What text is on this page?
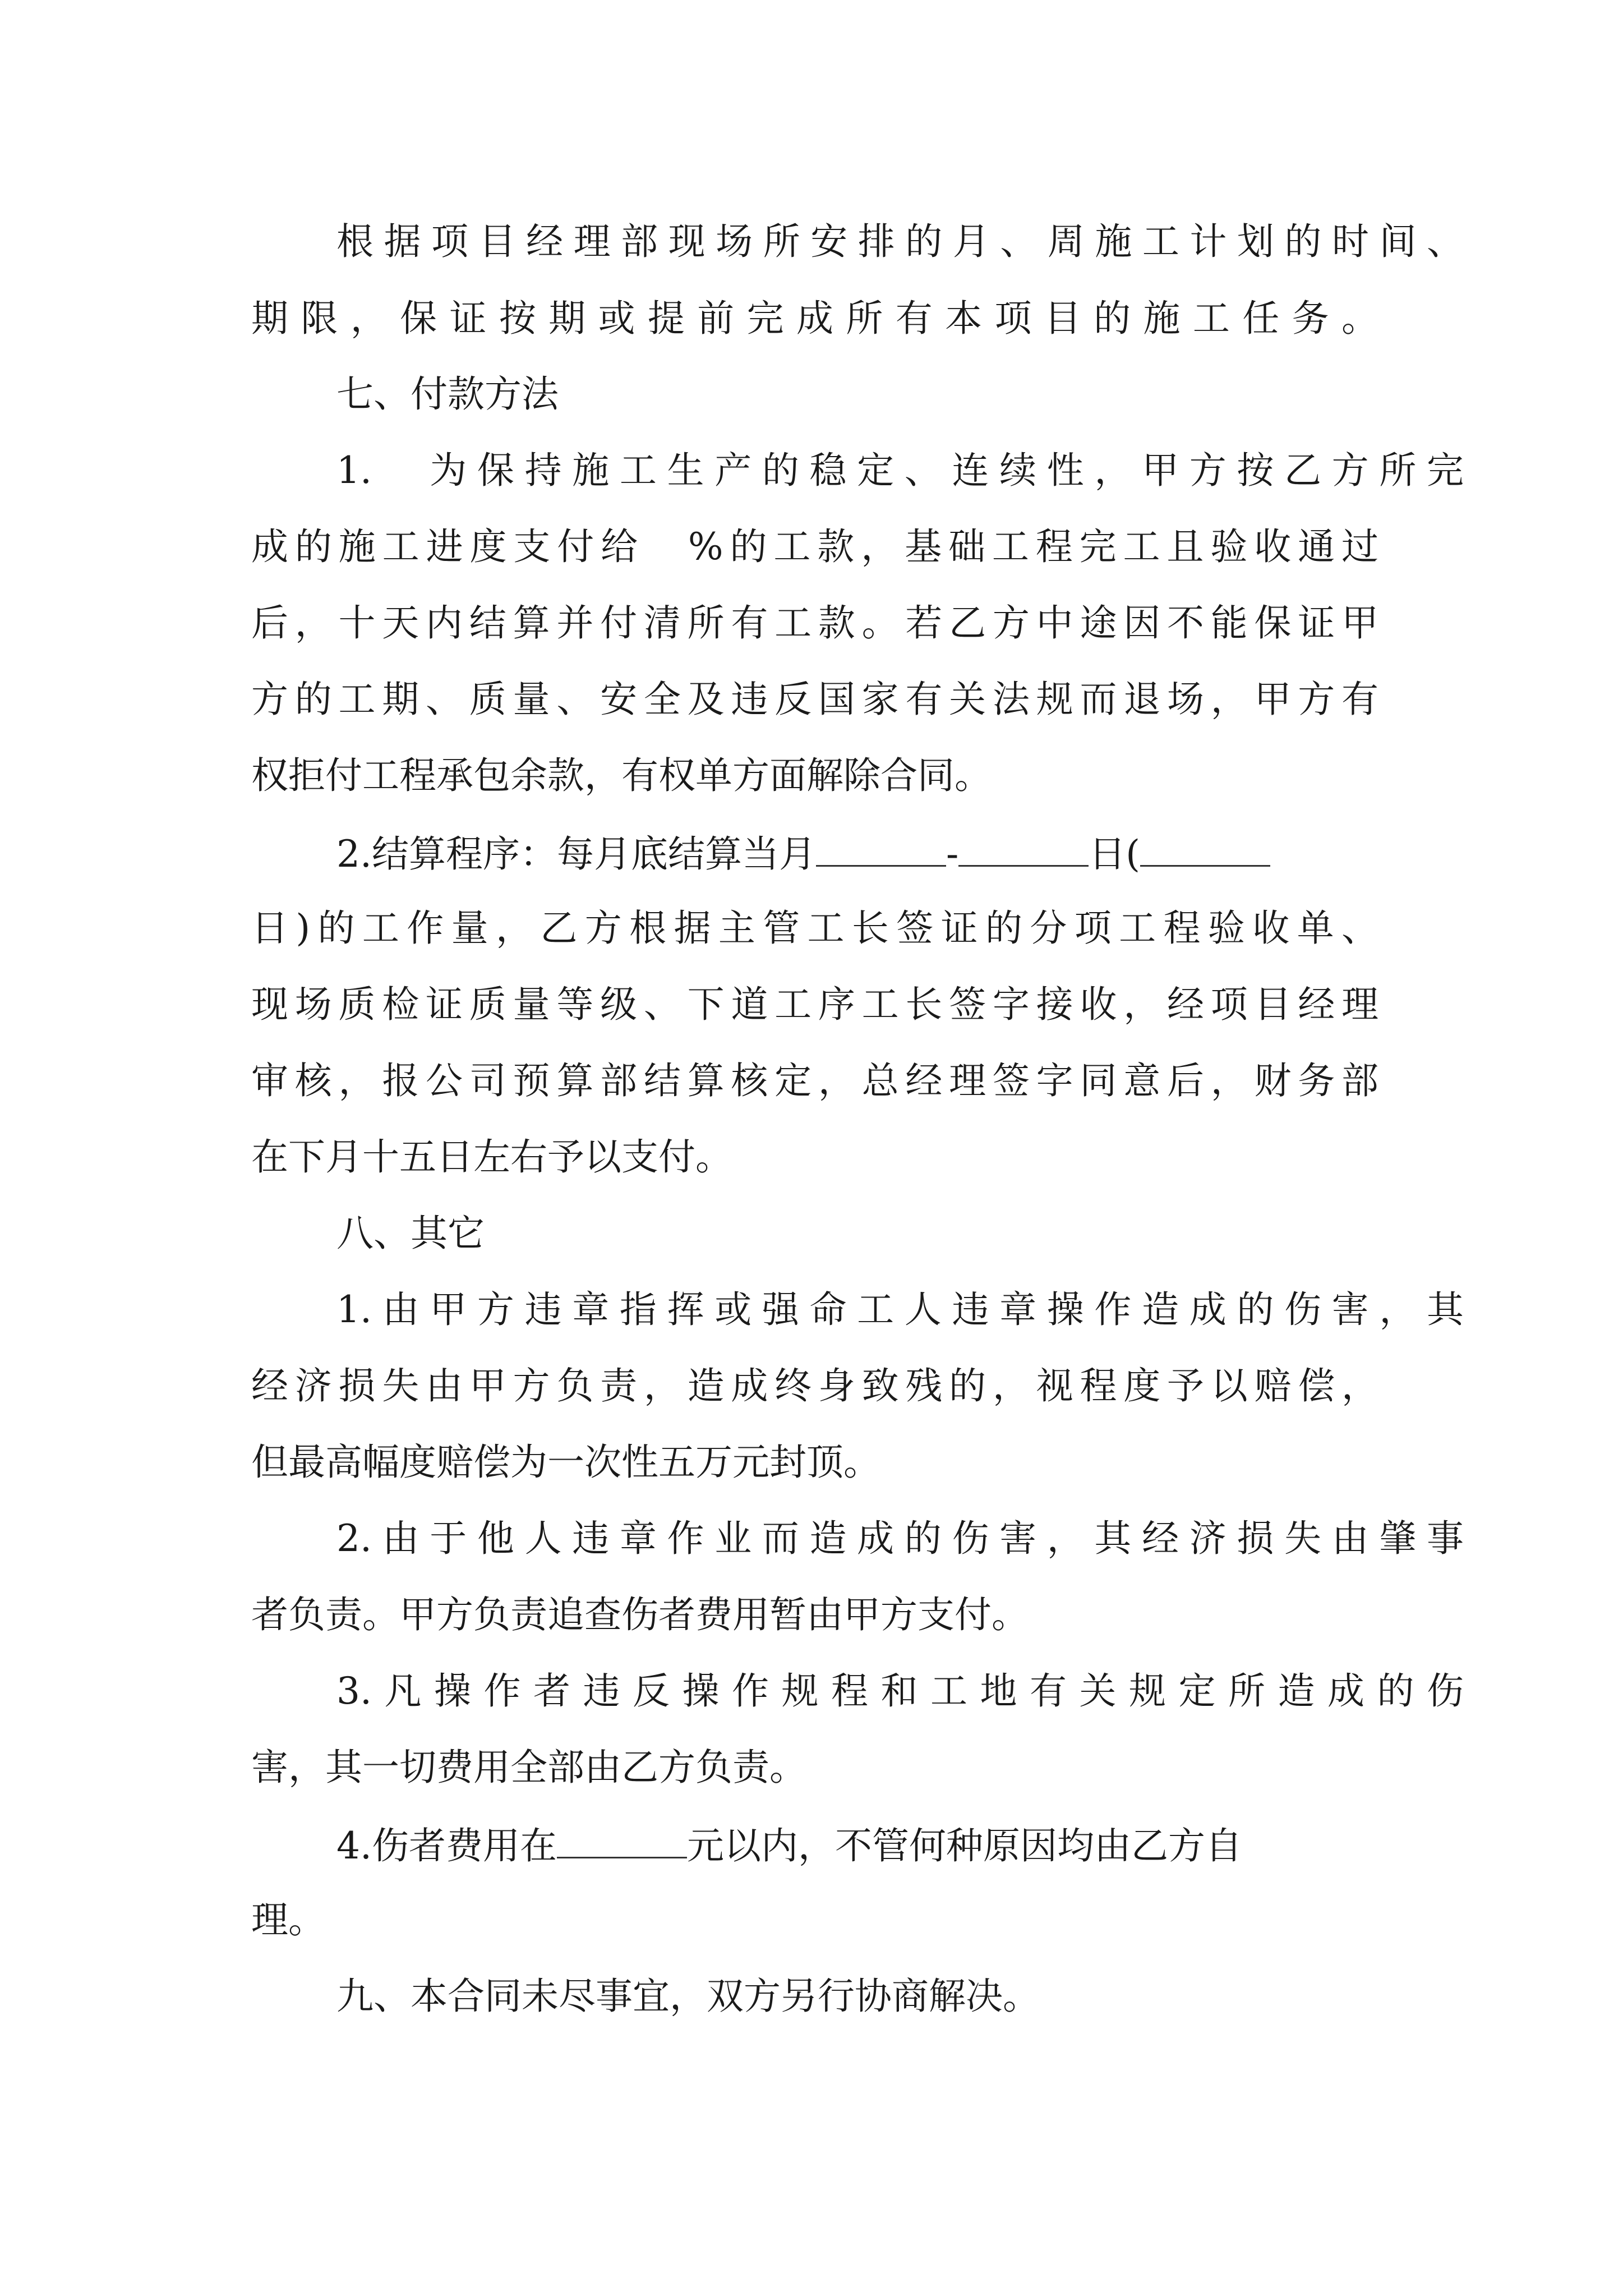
根据项目经理部现场所安排的月、周施工计划的时间、
期限，保证按期或提前完成所有本项目的施工任务。
七、付款方法
1.　为保持施工生产的稳定、连续性，甲方按乙方所完
成的施工进度支付给　%的工款，基础工程完工且验收通过
后，十天内结算并付清所有工款。若乙方中途因不能保证甲
方的工期、质量、安全及违反国家有关法规而退场，甲方有
权拒付工程承包余款，有权单方面解除合同。
2.结算程序：每月底结算当月	-	日(
日)的工作量，乙方根据主管工长签证的分项工程验收单、
现场质检证质量等级、下道工序工长签字接收，经项目经理
审核，报公司预算部结算核定，总经理签字同意后，财务部
在下月十五日左右予以支付。
八、其它
1.由甲方违章指挥或强命工人违章操作造成的伤害，其
经济损失由甲方负责，造成终身致残的，视程度予以赔偿，
但最高幅度赔偿为一次性五万元封顶。
2.由于他人违章作业而造成的伤害，其经济损失由肇事
者负责。甲方负责追查伤者费用暂由甲方支付。
3.凡操作者违反操作规程和工地有关规定所造成的伤
害，其一切费用全部由乙方负责。
4.伤者费用在	元以内，不管何种原因均由乙方自
理。
九、本合同未尽事宜，双方另行协商解决。
